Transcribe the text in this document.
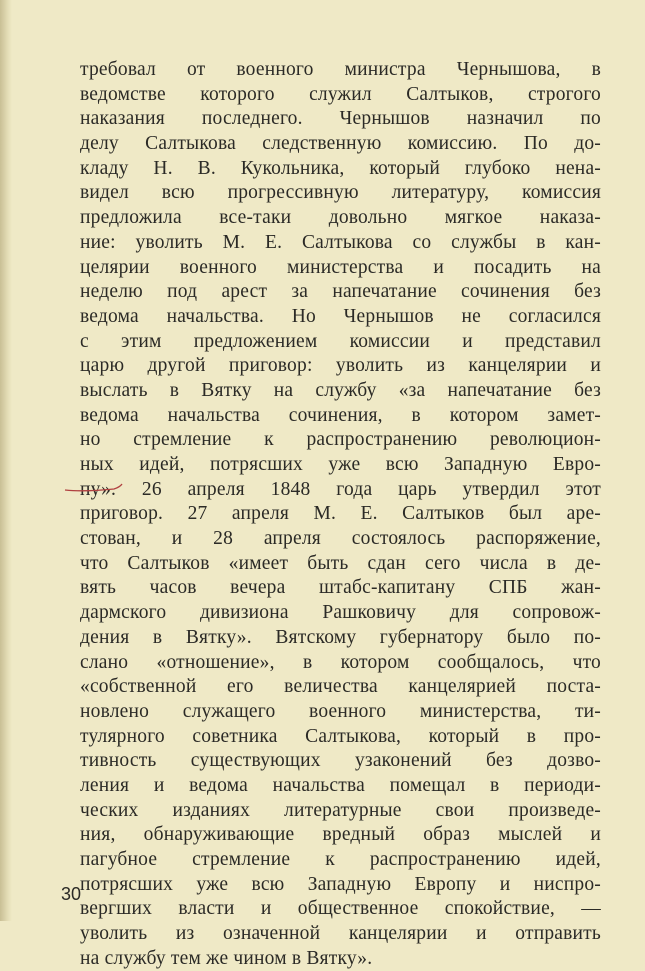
требовал от военного министра Чернышова, в
ведомстве которого служил Салтыков, строгого
наказания последнего. Чернышов назначил по
делу Салтыкова следственную комиссию. По до-
кладу Н. В. Кукольника, который глубоко нена-
видел всю прогрессивную литературу, комиссия
предложила все-таки довольно мягкое наказа-
ние: уволить М. Е. Салтыкова со службы в кан-
целярии военного министерства и посадить на
неделю под арест за напечатание сочинения без
ведома начальства. Но Чернышов не согласился
с этим предложением комиссии и представил
царю другой приговор: уволить из канцелярии и
выслать в Вятку на службу «за напечатание без
ведома начальства сочинения, в котором замет-
но стремление к распространению революцион-
ных идей, потрясших уже всю Западную Евро-
пу». 26 апреля 1848 года царь утвердил этот
приговор. 27 апреля М. Е. Салтыков был аре-
стован, и 28 апреля состоялось распоряжение,
что Салтыков «имеет быть сдан сего числа в де-
вять часов вечера штабс-капитану СПБ жан-
дармского дивизиона Рашковичу для сопровож-
дения в Вятку». Вятскому губернатору было по-
слано «отношение», в котором сообщалось, что
«собственной его величества канцелярией поста-
новлено служащего военного министерства, ти-
тулярного советника Салтыкова, который в про-
тивность существующих узаконений без дозво-
ления и ведома начальства помещал в периоди-
ческих изданиях литературные свои произведе-
ния, обнаруживающие вредный образ мыслей и
пагубное стремление к распространению идей,
потрясших уже всю Западную Европу и ниспро-
вергших власти и общественное спокойствие, —
уволить из означенной канцелярии и отправить
на службу тем же чином в Вятку».
30
